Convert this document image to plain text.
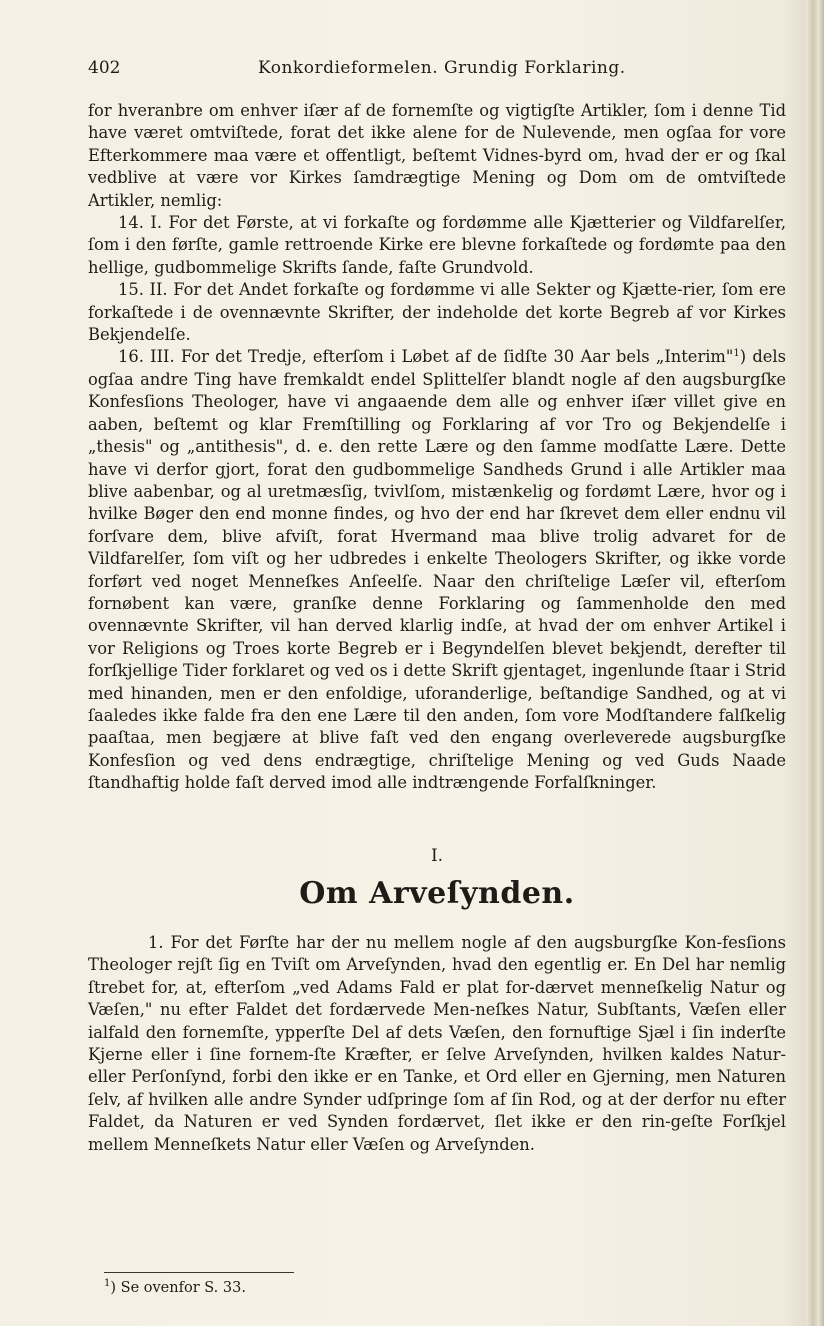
402	Konkordieformelen. Grundig Forklaring.

for hveranbre om enhver iſær af de fornemſte og vigtigſte Artikler, ſom i denne Tid have været omtviſtede, forat det ikke alene for de Nulevende, men ogſaa for vore Efterkommere maa være et offentligt, beſtemt Vidnes-byrd om, hvad der er og ſkal vedblive at være vor Kirkes ſamdrægtige Mening og Dom om de omtviſtede Artikler, nemlig:

14. I. For det Første, at vi forkaſte og fordømme alle Kjætterier og Vildfarelſer, ſom i den førſte, gamle rettroende Kirke ere blevne forkaſtede og fordømte paa den hellige, gudbommelige Skrifts ſande, faſte Grundvold.

15. II. For det Andet forkaſte og fordømme vi alle Sekter og Kjætte-rier, ſom ere forkaſtede i de ovennævnte Skrifter, der indeholde det korte Begreb af vor Kirkes Bekjendelſe.

16. III. For det Tredje, efterſom i Løbet af de ſidſte 30 Aar bels „Interim"$^1$) dels ogſaa andre Ting have fremkaldt endel Splittelſer blandt nogle af den augsburgſke Konfesſions Theologer, have vi angaaende dem alle og enhver iſær villet give en aaben, beſtemt og klar Fremſtilling og Forklaring af vor Tro og Bekjendelſe i „thesis" og „antithesis", d. e. den rette Lære og den ſamme modſatte Lære. Dette have vi derfor gjort, forat den gudbommelige Sandheds Grund i alle Artikler maa blive aabenbar, og al uretmæsſig, tvivlſom, mistænkelig og fordømt Lære, hvor og i hvilke Bøger den end monne findes, og hvo der end har ſkrevet dem eller endnu vil forſvare dem, blive afviſt, forat Hvermand maa blive trolig advaret for de Vildfarelſer, ſom viſt og her udbredes i enkelte Theologers Skrifter, og ikke vorde forført ved noget Menneſkes Anſeelſe. Naar den chriſtelige Læſer vil, efterſom fornøbent kan være, granſke denne Forklaring og ſammenholde den med ovennævnte Skrifter, vil han derved klarlig indſe, at hvad der om enhver Artikel i vor Religions og Troes korte Begreb er i Begyndelſen blevet bekjendt, derefter til forſkjellige Tider forklaret og ved os i dette Skrift gjentaget, ingenlunde ſtaar i Strid med hinanden, men er den enfoldige, uforanderlige, beſtandige Sandhed, og at vi ſaaledes ikke falde fra den ene Lære til den anden, ſom vore Modſtandere falſkelig paaſtaa, men begjære at blive faſt ved den engang overleverede augsburgſke Konfesſion og ved dens endrægtige, chriſtelige Mening og ved Guds Naade ſtandhaftig holde faſt derved imod alle indtrængende Forfalſkninger.

I.
Om Arveſynden.

1. For det Førſte har der nu mellem nogle af den augsburgſke Kon-fesſions Theologer rejſt ſig en Tviſt om Arveſynden, hvad den egentlig er. En Del har nemlig ſtrebet for, at, efterſom „ved Adams Fald er plat for-dærvet menneſkelig Natur og Væſen," nu efter Faldet det fordærvede Men-neſkes Natur, Subſtants, Væſen eller ialfald den fornemſte, ypperſte Del af dets Væſen, den fornuftige Sjæl i ſin inderſte Kjerne eller i ſine fornem-ſte Kræfter, er ſelve Arveſynden, hvilken kaldes Natur- eller Perſonſynd, forbi den ikke er en Tanke, et Ord eller en Gjerning, men Naturen ſelv, af hvilken alle andre Synder udſpringe ſom af ſin Rod, og at der derfor nu efter Faldet, da Naturen er ved Synden fordærvet, ſlet ikke er den rin-geſte Forſkjel mellem Menneſkets Natur eller Væſen og Arveſynden.

$^1$) Se ovenfor S. 33.
